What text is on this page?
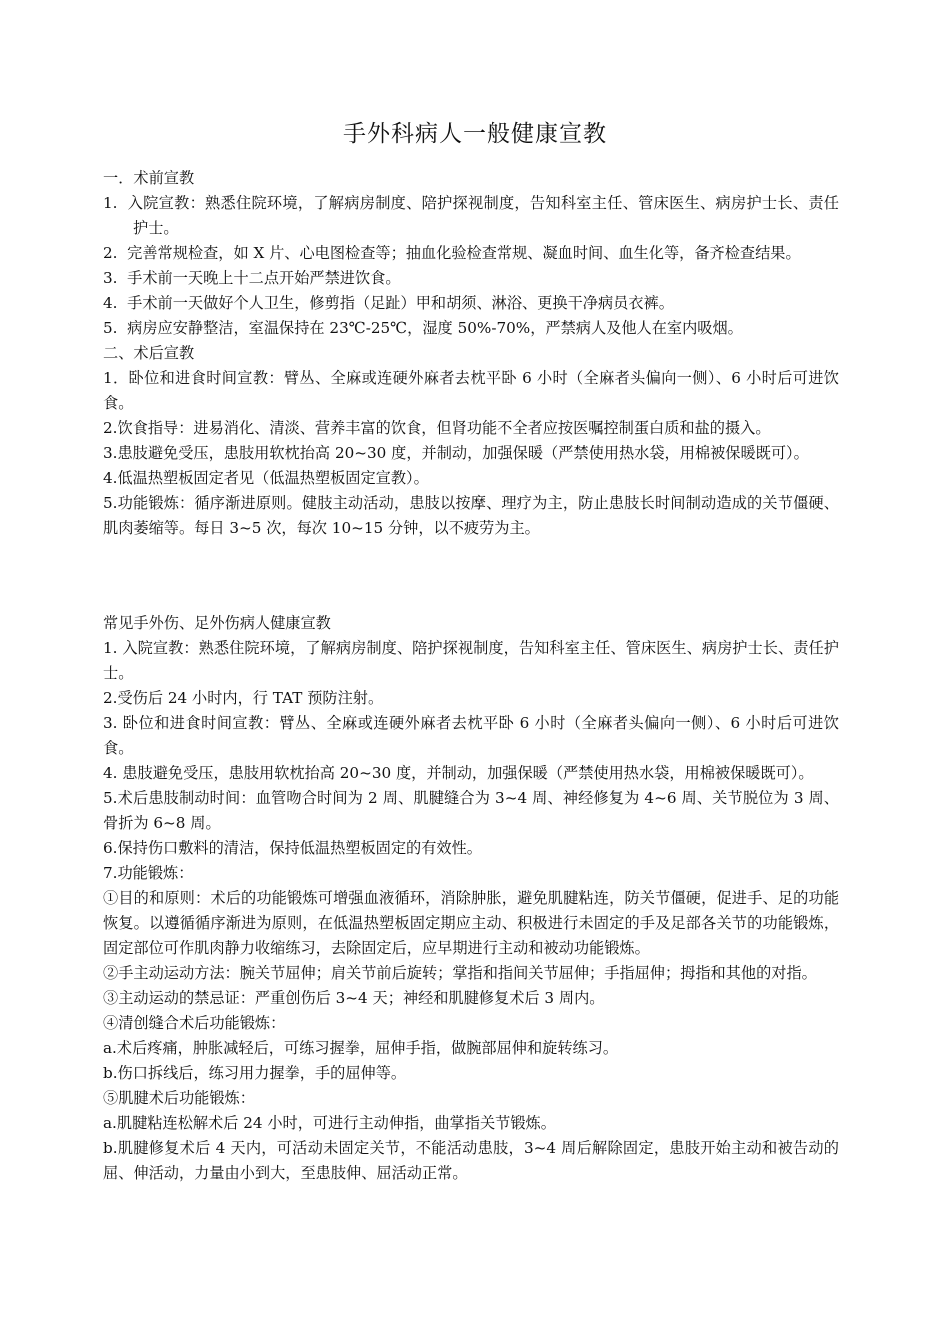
手外科病人一般健康宣教

一．术前宣教

1.  入院宣教：熟悉住院环境，了解病房制度、陪护探视制度，告知科室主任、管床医生、病房护士长、责任护士。

2.  完善常规检查，如 X 片、心电图检查等；抽血化验检查常规、凝血时间、血生化等，备齐检查结果。

3.  手术前一天晚上十二点开始严禁进饮食。

4.  手术前一天做好个人卫生，修剪指（足趾）甲和胡须、淋浴、更换干净病员衣裤。

5.  病房应安静整洁，室温保持在 23℃-25℃，湿度 50%-70%，严禁病人及他人在室内吸烟。

二、术后宣教

1．卧位和进食时间宣教：臂丛、全麻或连硬外麻者去枕平卧 6 小时（全麻者头偏向一侧）、6 小时后可进饮食。

2.饮食指导：进易消化、清淡、营养丰富的饮食，但肾功能不全者应按医嘱控制蛋白质和盐的摄入。

3.患肢避免受压，患肢用软枕抬高 20~30 度，并制动，加强保暖（严禁使用热水袋，用棉被保暖既可）。

4.低温热塑板固定者见（低温热塑板固定宣教）。

5.功能锻炼：循序渐进原则。健肢主动活动，患肢以按摩、理疗为主，防止患肢长时间制动造成的关节僵硬、肌肉萎缩等。每日 3~5 次，每次 10~15 分钟，以不疲劳为主。

常见手外伤、足外伤病人健康宣教

1. 入院宣教：熟悉住院环境，了解病房制度、陪护探视制度，告知科室主任、管床医生、病房护士长、责任护士。

2.受伤后 24 小时内，行 TAT 预防注射。

3. 卧位和进食时间宣教：臂丛、全麻或连硬外麻者去枕平卧 6 小时（全麻者头偏向一侧）、6 小时后可进饮食。

4. 患肢避免受压，患肢用软枕抬高 20~30 度，并制动，加强保暖（严禁使用热水袋，用棉被保暖既可）。

5.术后患肢制动时间：血管吻合时间为 2 周、肌腱缝合为 3~4 周、神经修复为 4~6 周、关节脱位为 3 周、骨折为 6~8 周。

6.保持伤口敷料的清洁，保持低温热塑板固定的有效性。

7.功能锻炼：

①目的和原则：术后的功能锻炼可增强血液循环，消除肿胀，避免肌腱粘连，防关节僵硬，促进手、足的功能恢复。以遵循循序渐进为原则，在低温热塑板固定期应主动、积极进行未固定的手及足部各关节的功能锻炼，固定部位可作肌肉静力收缩练习，去除固定后，应早期进行主动和被动功能锻炼。

②手主动运动方法：腕关节屈伸；肩关节前后旋转；掌指和指间关节屈伸；手指屈伸；拇指和其他的对指。

③主动运动的禁忌证：严重创伤后 3~4 天；神经和肌腱修复术后 3 周内。

④清创缝合术后功能锻炼：

a.术后疼痛，肿胀减轻后，可练习握拳，屈伸手指，做腕部屈伸和旋转练习。

b.伤口拆线后，练习用力握拳，手的屈伸等。

⑤肌腱术后功能锻炼：

a.肌腱粘连松解术后 24 小时，可进行主动伸指，曲掌指关节锻炼。

b.肌腱修复术后 4 天内，可活动未固定关节，不能活动患肢，3~4 周后解除固定，患肢开始主动和被告动的屈、伸活动，力量由小到大，至患肢伸、屈活动正常。
